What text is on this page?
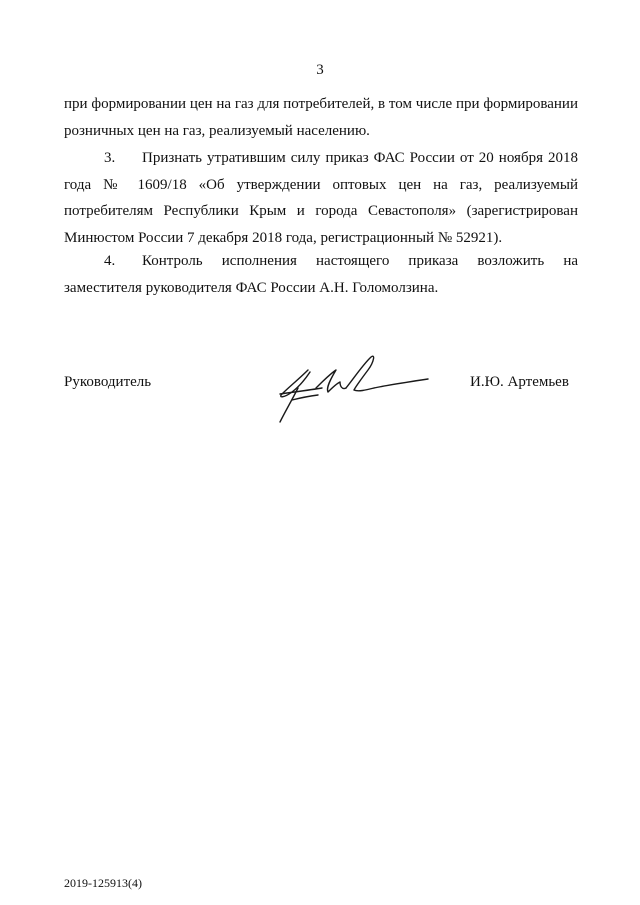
3

при формировании цен на газ для потребителей, в том числе при формировании розничных цен на газ, реализуемый населению.

3. Признать утратившим силу приказ ФАС России от 20 ноября 2018 года № 1609/18 «Об утверждении оптовых цен на газ, реализуемый потребителям Республики Крым и города Севастополя» (зарегистрирован Минюстом России 7 декабря 2018 года, регистрационный № 52921).

4. Контроль исполнения настоящего приказа возложить на заместителя руководителя ФАС России А.Н. Голомолзина.

Руководитель	И.Ю. Артемьев
2019-125913(4)
